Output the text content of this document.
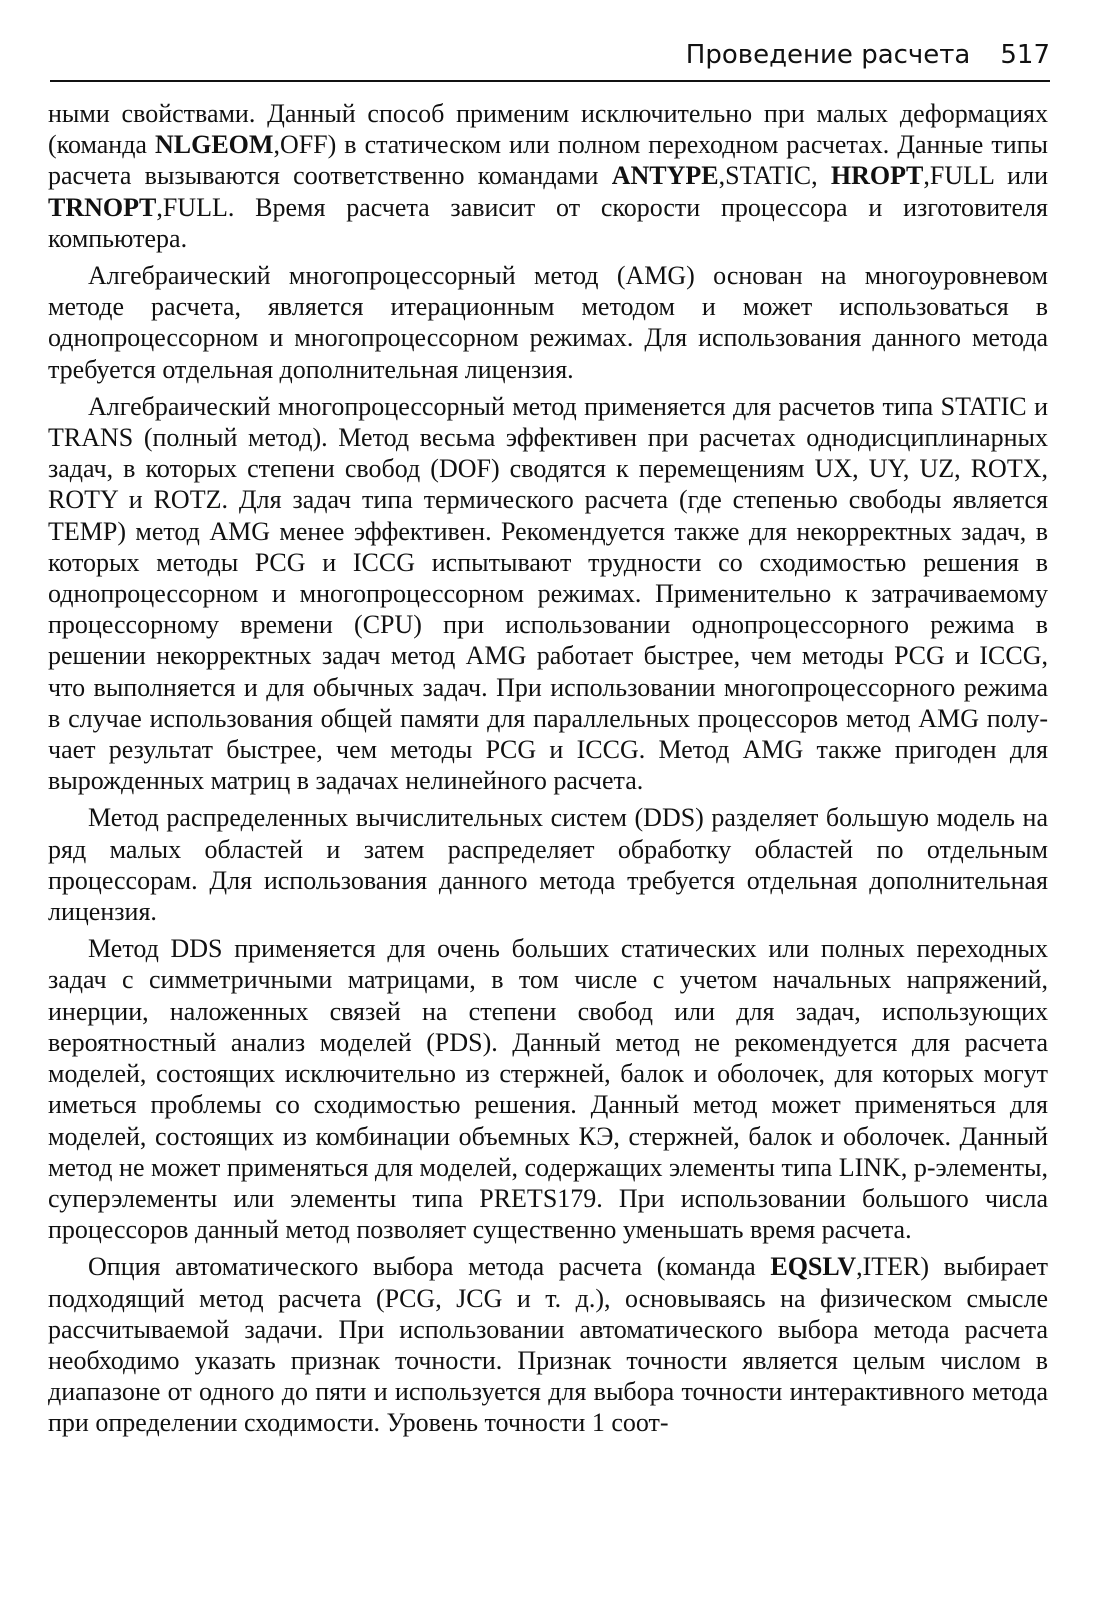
Проведение расчета 517

ными свойствами. Данный способ применим исключительно при малых деформациях (команда NLGEOM,OFF) в статическом или полном переходном расчетах. Данные типы расчета вызываются соответственно командами ANTYPE,STATIC, HROPT,FULL или TRNOPT,FULL. Время расчета зависит от скорости процессора и изготовителя компьютера.

Алгебраический многопроцессорный метод (AMG) основан на многоуровневом методе расчета, является итерационным методом и может использоваться в однопроцессорном и многопроцессорном режимах. Для использования данного метода требуется отдельная дополнительная лицензия.

Алгебраический многопроцессорный метод применяется для расчетов типа STATIC и TRANS (полный метод). Метод весьма эффективен при расчетах однодисциплинарных задач, в которых степени свобод (DOF) сводятся к перемещениям UX, UY, UZ, ROTX, ROTY и ROTZ. Для задач типа термического расчета (где степенью свободы является TEMP) метод AMG менее эффективен. Рекомендуется также для некорректных задач, в которых методы PCG и ICCG испытывают трудности со сходимостью решения в однопроцессорном и многопроцессорном режимах. Применительно к затрачиваемому процессорному времени (CPU) при использовании однопроцессорного режима в решении некорректных задач метод AMG работает быстрее, чем методы PCG и ICCG, что выполняется и для обычных задач. При использовании многопроцессорного режима в случае использования общей памяти для параллельных процессоров метод AMG получает результат быстрее, чем методы PCG и ICCG. Метод AMG также пригоден для вырожденных матриц в задачах нелинейного расчета.

Метод распределенных вычислительных систем (DDS) разделяет большую модель на ряд малых областей и затем распределяет обработку областей по отдельным процессорам. Для использования данного метода требуется отдельная дополнительная лицензия.

Метод DDS применяется для очень больших статических или полных переходных задач с симметричными матрицами, в том числе с учетом начальных напряжений, инерции, наложенных связей на степени свобод или для задач, использующих вероятностный анализ моделей (PDS). Данный метод не рекомендуется для расчета моделей, состоящих исключительно из стержней, балок и оболочек, для которых могут иметься проблемы со сходимостью решения. Данный метод может применяться для моделей, состоящих из комбинации объемных КЭ, стержней, балок и оболочек. Данный метод не может применяться для моделей, содержащих элементы типа LINK, p-элементы, суперэлементы или элементы типа PRETS179. При использовании большого числа процессоров данный метод позволяет существенно уменьшать время расчета.

Опция автоматического выбора метода расчета (команда EQSLV,ITER) выбирает подходящий метод расчета (PCG, JCG и т. д.), основываясь на физическом смысле рассчитываемой задачи. При использовании автоматического выбора метода расчета необходимо указать признак точности. Признак точности является целым числом в диапазоне от одного до пяти и используется для выбора точности интерактивного метода при определении сходимости. Уровень точности 1 соот-
